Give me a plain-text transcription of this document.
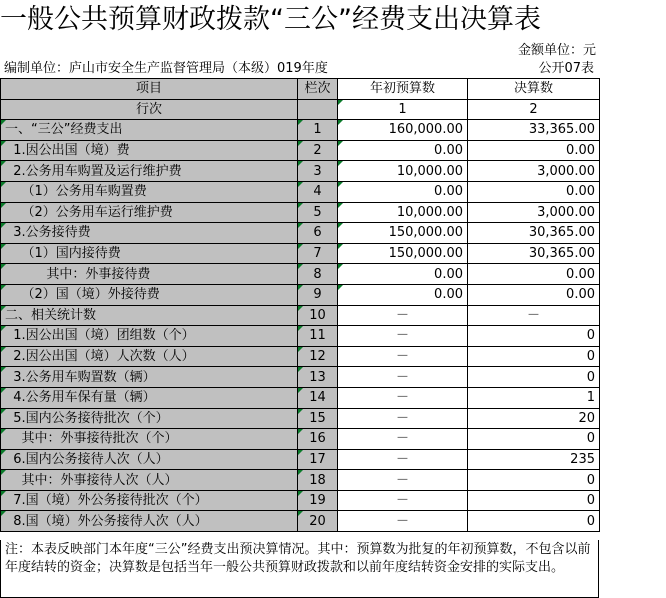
一般公共预算财政拨款“三公”经费支出决算表
金额单位：元
编制单位：庐山市安全生产监督管理局（本级）019年度	公开07表
项目	栏次	年初预算数	决算数
行次		1	2
一、“三公”经费支出	1	160,000.00	33,365.00
1.因公出国（境）费	2	0.00	0.00
2.公务用车购置及运行维护费	3	10,000.00	3,000.00
（1）公务用车购置费	4	0.00	0.00
（2）公务用车运行维护费	5	10,000.00	3,000.00
3.公务接待费	6	150,000.00	30,365.00
（1）国内接待费	7	150,000.00	30,365.00
其中：外事接待费	8	0.00	0.00
（2）国（境）外接待费	9	0.00	0.00
二、相关统计数	10	－	－
1.因公出国（境）团组数（个）	11	－	0
2.因公出国（境）人次数（人）	12	－	0
3.公务用车购置数（辆）	13	－	0
4.公务用车保有量（辆）	14	－	1
5.国内公务接待批次（个）	15	－	20
其中：外事接待批次（个）	16	－	0
6.国内公务接待人次（人）	17	－	235
其中：外事接待人次（人）	18	－	0
7.国（境）外公务接待批次（个）	19	－	0
8.国（境）外公务接待人次（人）	20	－	0
注：本表反映部门本年度“三公”经费支出预决算情况。其中：预算数为批复的年初预算数，不包含以前年度结转的资金；决算数是包括当年一般公共预算财政拨款和以前年度结转资金安排的实际支出。
